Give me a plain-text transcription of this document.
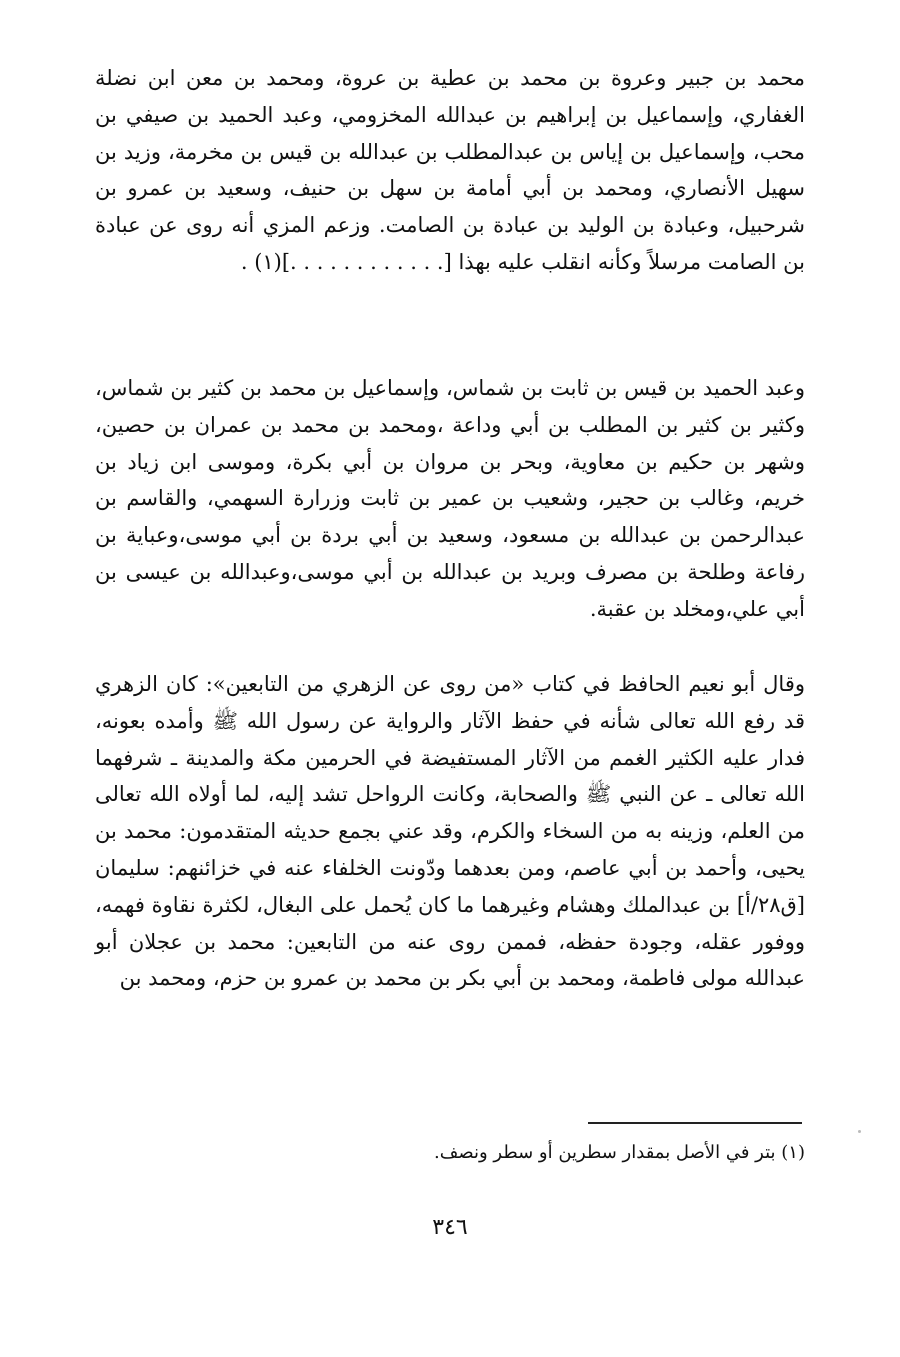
محمد بن جبير وعروة بن محمد بن عطية بن عروة، ومحمد بن معن ابن نضلة الغفاري، وإسماعيل بن إبراهيم بن عبدالله المخزومي، وعبد الحميد بن صيفي بن محب، وإسماعيل بن إياس بن عبدالمطلب بن عبدالله بن قيس بن مخرمة، وزيد بن سهيل الأنصاري، ومحمد بن أبي أمامة بن سهل بن حنيف، وسعيد بن عمرو بن شرحبيل، وعبادة بن الوليد بن عبادة بن الصامت. وزعم المزي أنه روى عن عبادة بن الصامت مرسلاً وكأنه انقلب عليه بهذا [. . . . . . . . . . . .](١) .

وعبد الحميد بن قيس بن ثابت بن شماس، وإسماعيل بن محمد بن كثير بن شماس، وكثير بن كثير بن المطلب بن أبي وداعة ،ومحمد بن محمد بن عمران بن حصين، وشهر بن حكيم بن معاوية، وبحر بن مروان بن أبي بكرة، وموسى ابن زياد بن خريم، وغالب بن حجير، وشعيب بن عمير بن ثابت وزرارة السهمي، والقاسم بن عبدالرحمن بن عبدالله بن مسعود، وسعيد بن أبي بردة بن أبي موسى،وعباية بن رفاعة وطلحة بن مصرف وبريد بن عبدالله بن أبي موسى،وعبدالله بن عيسى بن أبي علي،ومخلد بن عقبة.

وقال أبو نعيم الحافظ في كتاب «من روى عن الزهري من التابعين»: كان الزهري قد رفع الله تعالى شأنه في حفظ الآثار والرواية عن رسول الله ﷺ وأمده بعونه، فدار عليه الكثير الغمم من الآثار المستفيضة في الحرمين مكة والمدينة ـ شرفهما الله تعالى ـ عن النبي ﷺ والصحابة، وكانت الرواحل تشد إليه، لما أولاه الله تعالى من العلم، وزينه به من السخاء والكرم، وقد عني بجمع حديثه المتقدمون: محمد بن يحيى، وأحمد بن أبي عاصم، ومن بعدهما ودّونت الخلفاء عنه في خزائنهم: سليمان [ق٢٨/أ] بن عبدالملك وهشام وغيرهما ما كان يُحمل على البغال، لكثرة نقاوة فهمه، ووفور عقله، وجودة حفظه، فممن روى عنه من التابعين: محمد بن عجلان أبو عبدالله مولى فاطمة، ومحمد بن أبي بكر بن محمد بن عمرو بن حزم، ومحمد بن

(١) بتر في الأصل بمقدار سطرين أو سطر ونصف.
٣٤٦
